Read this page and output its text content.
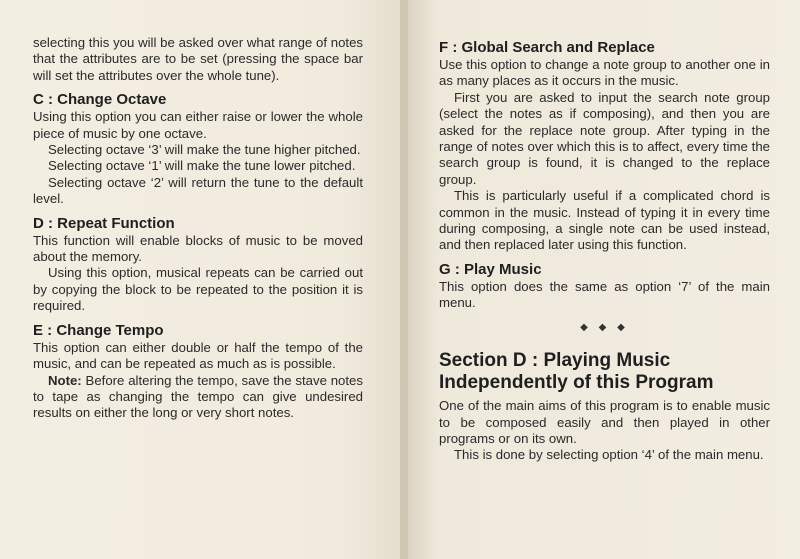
selecting this you will be asked over what range of notes that the attributes are to be set (pressing the space bar will set the attributes over the whole tune).

C : Change Octave

Using this option you can either raise or lower the whole piece of music by one octave.

Selecting octave ‘3’ will make the tune higher pitched.

Selecting octave ‘1’ will make the tune lower pitched.

Selecting octave ‘2’ will return the tune to the default level.

D : Repeat Function

This function will enable blocks of music to be moved about the memory.

Using this option, musical repeats can be carried out by copying the block to be repeated to the position it is required.

E : Change Tempo

This option can either double or half the tempo of the music, and can be repeated as much as is possible.

Note: Before altering the tempo, save the stave notes to tape as changing the tempo can give undesired results on either the long or very short notes.

F : Global Search and Replace

Use this option to change a note group to another one in as many places as it occurs in the music.

First you are asked to input the search note group (select the notes as if composing), and then you are asked for the replace note group. After typing in the range of notes over which this is to affect, every time the search group is found, it is changed to the replace group.

This is particularly useful if a complicated chord is common in the music. Instead of typing it in every time during composing, a single note can be used instead, and then replaced later using this function.

G : Play Music

This option does the same as option ‘7’ of the main menu.

◆ ◆ ◆
Section D : Playing Music
Independently of this Program

One of the main aims of this program is to enable music to be composed easily and then played in other programs or on its own.

This is done by selecting option ‘4’ of the main menu.
